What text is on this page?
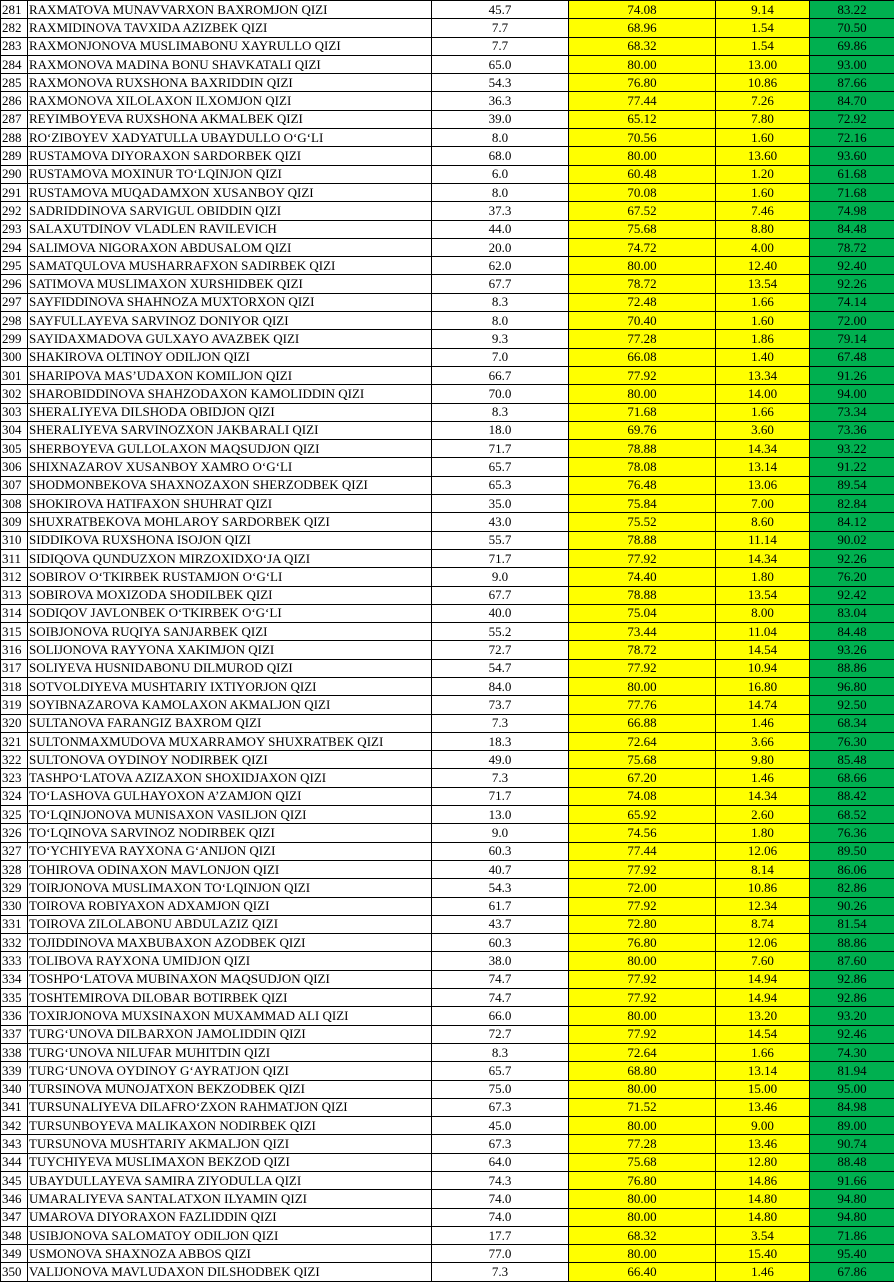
281	RAXMATOVA MUNAVVARXON BAXROMJON QIZI	45.7	74.08	9.14	83.22
282	RAXMIDINOVA TAVXIDA AZIZBEK QIZI	7.7	68.96	1.54	70.50
283	RAXMONJONOVA MUSLIMABONU XAYRULLO QIZI	7.7	68.32	1.54	69.86
284	RAXMONOVA MADINA BONU SHAVKATALI QIZI	65.0	80.00	13.00	93.00
285	RAXMONOVA RUXSHONA BAXRIDDIN QIZI	54.3	76.80	10.86	87.66
286	RAXMONOVA XILOLAXON ILXOMJON QIZI	36.3	77.44	7.26	84.70
287	REYIMBOYEVA RUXSHONA AKMALBEK QIZI	39.0	65.12	7.80	72.92
288	RO‘ZIBOYEV XADYATULLA UBAYDULLO O‘G‘LI	8.0	70.56	1.60	72.16
289	RUSTAMOVA DIYORAXON SARDORBEK QIZI	68.0	80.00	13.60	93.60
290	RUSTAMOVA MOXINUR TO‘LQINJON QIZI	6.0	60.48	1.20	61.68
291	RUSTAMOVA MUQADAMXON XUSANBOY QIZI	8.0	70.08	1.60	71.68
292	SADRIDDINOVA SARVIGUL OBIDDIN QIZI	37.3	67.52	7.46	74.98
293	SALAXUTDINOV VLADLEN RAVILEVICH	44.0	75.68	8.80	84.48
294	SALIMOVA NIGORAXON ABDUSALOM QIZI	20.0	74.72	4.00	78.72
295	SAMATQULOVA MUSHARRAFXON SADIRBEK QIZI	62.0	80.00	12.40	92.40
296	SATIMOVA MUSLIMAXON XURSHIDBEK QIZI	67.7	78.72	13.54	92.26
297	SAYFIDDINOVA SHAHNOZA MUXTORXON QIZI	8.3	72.48	1.66	74.14
298	SAYFULLAYEVA SARVINOZ DONIYOR QIZI	8.0	70.40	1.60	72.00
299	SAYIDAXMADOVA GULXAYO AVAZBEK QIZI	9.3	77.28	1.86	79.14
300	SHAKIROVA OLTINOY ODILJON QIZI	7.0	66.08	1.40	67.48
301	SHARIPOVA MAS’UDAXON KOMILJON QIZI	66.7	77.92	13.34	91.26
302	SHAROBIDDINOVA SHAHZODAXON KAMOLIDDIN QIZI	70.0	80.00	14.00	94.00
303	SHERALIYEVA DILSHODA OBIDJON QIZI	8.3	71.68	1.66	73.34
304	SHERALIYEVA SARVINOZXON JAKBARALI QIZI	18.0	69.76	3.60	73.36
305	SHERBOYEVA GULLOLAXON MAQSUDJON QIZI	71.7	78.88	14.34	93.22
306	SHIXNAZAROV XUSANBOY XAMRO O‘G‘LI	65.7	78.08	13.14	91.22
307	SHODMONBEKOVA SHAXNOZAXON SHERZODBEK QIZI	65.3	76.48	13.06	89.54
308	SHOKIROVA HATIFAXON SHUHRAT QIZI	35.0	75.84	7.00	82.84
309	SHUXRATBEKOVA MOHLAROY SARDORBEK QIZI	43.0	75.52	8.60	84.12
310	SIDDIKOVA RUXSHONA ISOJON QIZI	55.7	78.88	11.14	90.02
311	SIDIQOVA QUNDUZXON MIRZOXIDXO‘JA QIZI	71.7	77.92	14.34	92.26
312	SOBIROV O‘TKIRBEK RUSTAMJON O‘G‘LI	9.0	74.40	1.80	76.20
313	SOBIROVA MOXIZODA SHODILBEK QIZI	67.7	78.88	13.54	92.42
314	SODIQOV JAVLONBEK O‘TKIRBEK O‘G‘LI	40.0	75.04	8.00	83.04
315	SOIBJONOVA RUQIYA SANJARBEK QIZI	55.2	73.44	11.04	84.48
316	SOLIJONOVA RAYYONA XAKIMJON QIZI	72.7	78.72	14.54	93.26
317	SOLIYEVA HUSNIDABONU DILMUROD QIZI	54.7	77.92	10.94	88.86
318	SOTVOLDIYEVA MUSHTARIY IXTIYORJON QIZI	84.0	80.00	16.80	96.80
319	SOYIBNAZAROVA KAMOLAXON AKMALJON QIZI	73.7	77.76	14.74	92.50
320	SULTANOVA FARANGIZ BAXROM QIZI	7.3	66.88	1.46	68.34
321	SULTONMAXMUDOVA MUXARRAMOY SHUXRATBEK QIZI	18.3	72.64	3.66	76.30
322	SULTONOVA OYDINOY NODIRBEK QIZI	49.0	75.68	9.80	85.48
323	TASHPO‘LATOVA AZIZAXON SHOXIDJAXON QIZI	7.3	67.20	1.46	68.66
324	TO‘LASHOVA GULHAYOXON A’ZAMJON QIZI	71.7	74.08	14.34	88.42
325	TO‘LQINJONOVA MUNISAXON VASILJON QIZI	13.0	65.92	2.60	68.52
326	TO‘LQINOVA SARVINOZ NODIRBEK QIZI	9.0	74.56	1.80	76.36
327	TO‘YCHIYEVA RAYXONA G‘ANIJON QIZI	60.3	77.44	12.06	89.50
328	TOHIROVA ODINAXON MAVLONJON QIZI	40.7	77.92	8.14	86.06
329	TOIRJONOVA MUSLIMAXON TO‘LQINJON QIZI	54.3	72.00	10.86	82.86
330	TOIROVA ROBIYAXON ADXAMJON QIZI	61.7	77.92	12.34	90.26
331	TOIROVA ZILOLABONU ABDULAZIZ QIZI	43.7	72.80	8.74	81.54
332	TOJIDDINOVA MAXBUBAXON AZODBEK QIZI	60.3	76.80	12.06	88.86
333	TOLIBOVA RAYXONA UMIDJON QIZI	38.0	80.00	7.60	87.60
334	TOSHPO‘LATOVA MUBINAXON MAQSUDJON QIZI	74.7	77.92	14.94	92.86
335	TOSHTEMIROVA DILOBAR BOTIRBEK QIZI	74.7	77.92	14.94	92.86
336	TOXIRJONOVA MUXSINAXON MUXAMMAD ALI QIZI	66.0	80.00	13.20	93.20
337	TURG‘UNOVA DILBARXON JAMOLIDDIN QIZI	72.7	77.92	14.54	92.46
338	TURG‘UNOVA NILUFAR MUHITDIN QIZI	8.3	72.64	1.66	74.30
339	TURG‘UNOVA OYDINOY G‘AYRATJON QIZI	65.7	68.80	13.14	81.94
340	TURSINOVA MUNOJATXON BEKZODBEK QIZI	75.0	80.00	15.00	95.00
341	TURSUNALIYEVA DILAFRO‘ZXON RAHMATJON QIZI	67.3	71.52	13.46	84.98
342	TURSUNBOYEVA MALIKAXON NODIRBEK QIZI	45.0	80.00	9.00	89.00
343	TURSUNOVA MUSHTARIY AKMALJON QIZI	67.3	77.28	13.46	90.74
344	TUYCHIYEVA MUSLIMAXON BEKZOD QIZI	64.0	75.68	12.80	88.48
345	UBAYDULLAYEVA SAMIRA ZIYODULLA QIZI	74.3	76.80	14.86	91.66
346	UMARALIYEVA SANTALATXON ILYAMIN QIZI	74.0	80.00	14.80	94.80
347	UMAROVA DIYORAXON FAZLIDDIN QIZI	74.0	80.00	14.80	94.80
348	USIBJONOVA SALOMATOY ODILJON QIZI	17.7	68.32	3.54	71.86
349	USMONOVA SHAXNOZA ABBOS QIZI	77.0	80.00	15.40	95.40
350	VALIJONOVA MAVLUDAXON DILSHODBEK QIZI	7.3	66.40	1.46	67.86
